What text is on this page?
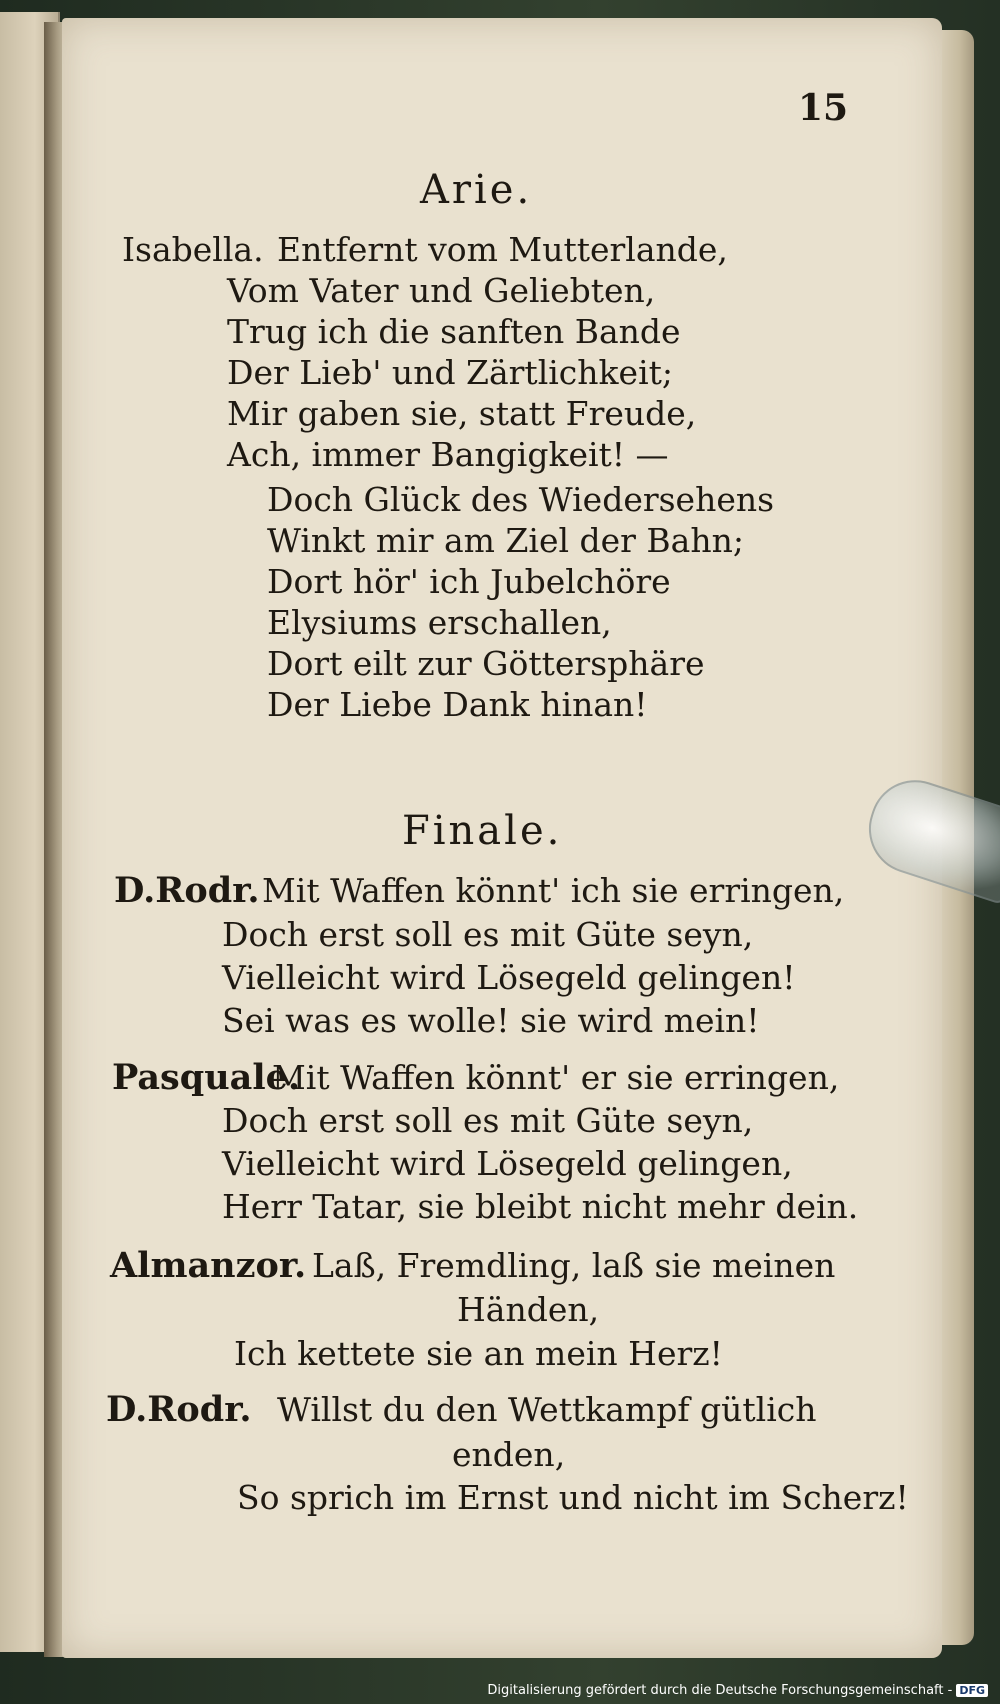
15
Arie.
Isabella. Entfernt vom Mutterlande,
Vom Vater und Geliebten,
Trug ich die sanften Bande
Der Lieb' und Zärtlichkeit;
Mir gaben sie, statt Freude,
Ach, immer Bangigkeit! —
Doch Glück des Wiedersehens
Winkt mir am Ziel der Bahn;
Dort hör' ich Jubelchöre
Elysiums erschallen,
Dort eilt zur Göttersphäre
Der Liebe Dank hinan!
Finale.
D.Rodr. Mit Waffen könnt' ich sie erringen,
Doch erst soll es mit Güte seyn,
Vielleicht wird Lösegeld gelingen!
Sei was es wolle! sie wird mein!
Pasquale.
Mit Waffen könnt' er sie erringen,
Doch erst soll es mit Güte seyn,
Vielleicht wird Lösegeld gelingen,
Herr Tatar, sie bleibt nicht mehr dein.
Almanzor. Laß, Fremdling, laß sie meinen
Händen,
Ich kettete sie an mein Herz!
D.Rodr. Willst du den Wettkampf gütlich
enden,
So sprich im Ernst und nicht im Scherz!
Digitalisierung gefördert durch die Deutsche Forschungsgemeinschaft - DFG
